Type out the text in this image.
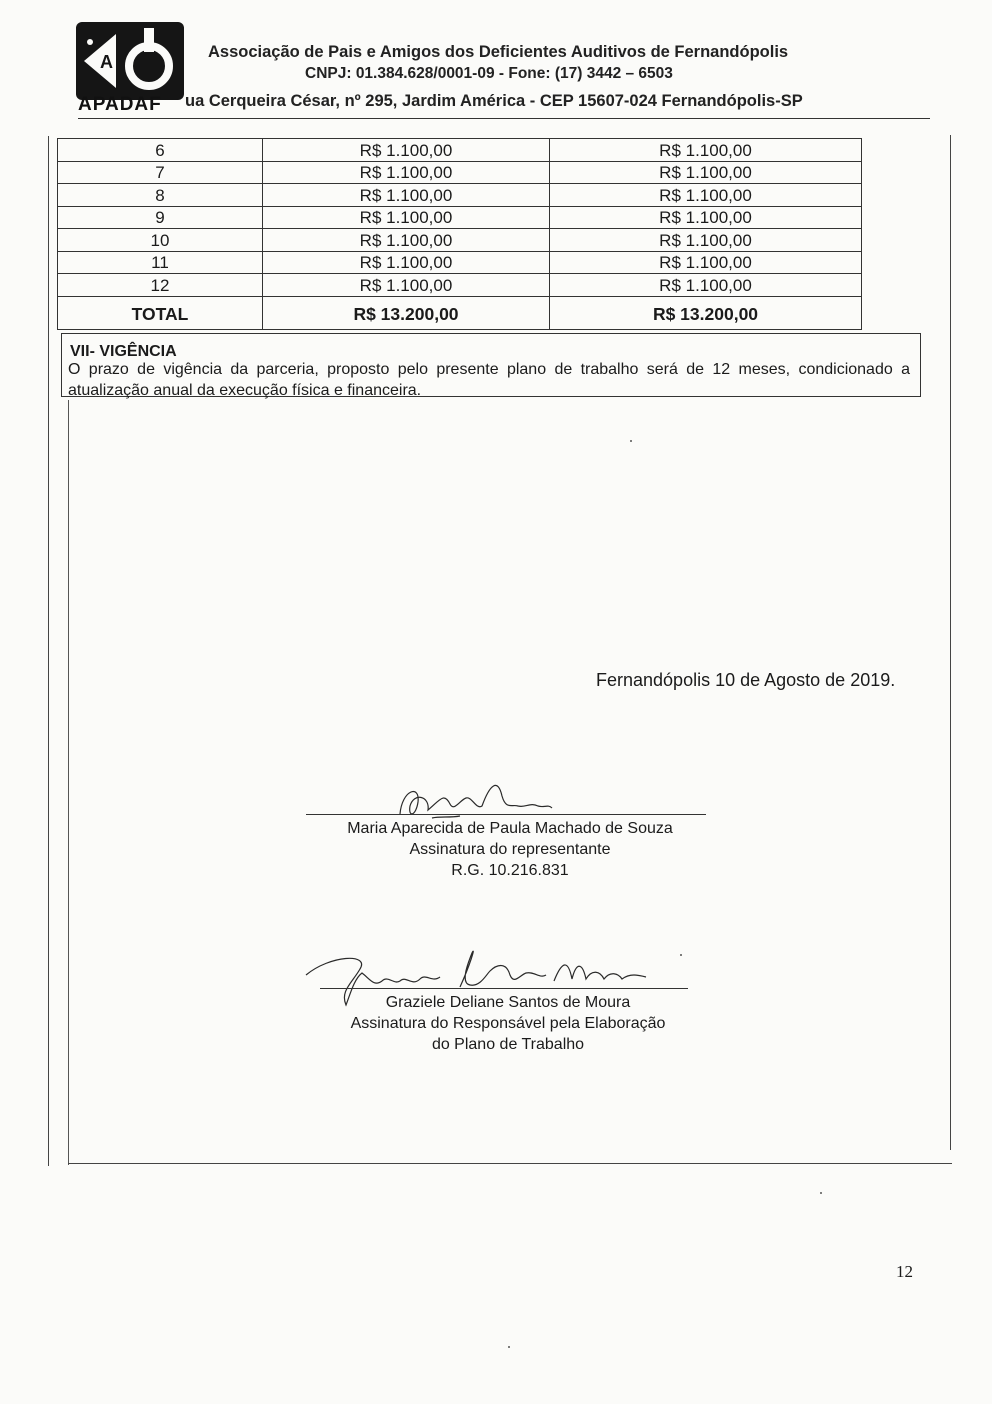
A
APADAF
Associação de Pais e Amigos dos Deficientes Auditivos de Fernandópolis
CNPJ: 01.384.628/0001-09 - Fone: (17) 3442 – 6503
ua Cerqueira César, nº 295, Jardim América - CEP 15607-024 Fernandópolis-SP
6	R$ 1.100,00	R$ 1.100,00
7	R$ 1.100,00	R$ 1.100,00
8	R$ 1.100,00	R$ 1.100,00
9	R$ 1.100,00	R$ 1.100,00
10	R$ 1.100,00	R$ 1.100,00
11	R$ 1.100,00	R$ 1.100,00
12	R$ 1.100,00	R$ 1.100,00
TOTAL	R$ 13.200,00	R$ 13.200,00
VII- VIGÊNCIA
O prazo de vigência da parceria, proposto pelo presente plano de trabalho será de 12 meses, condicionado a atualização anual da execução física e financeira.
Fernandópolis 10 de Agosto de 2019.
Maria Aparecida de Paula Machado de Souza
Assinatura do representante
R.G. 10.216.831
Graziele Deliane Santos de Moura
Assinatura do Responsável pela Elaboração
do Plano de Trabalho
12
